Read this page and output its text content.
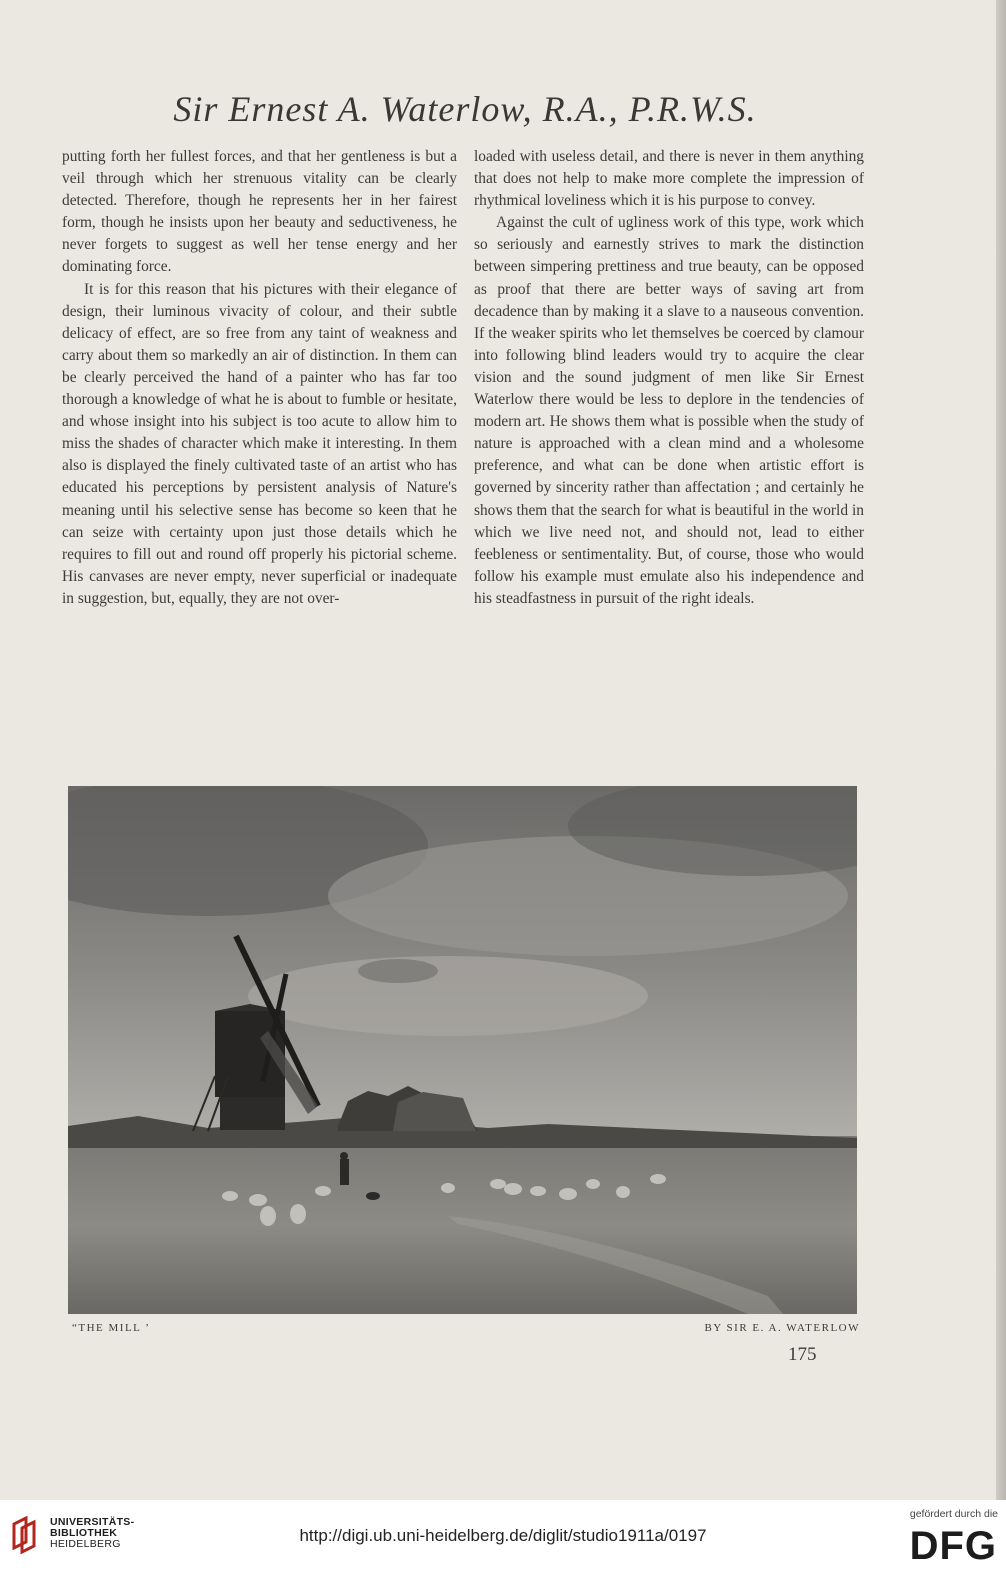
Sir Ernest A. Waterlow, R.A., P.R.W.S.

putting forth her fullest forces, and that her gentleness is but a veil through which her strenuous vitality can be clearly detected. Therefore, though he represents her in her fairest form, though he insists upon her beauty and seductiveness, he never forgets to suggest as well her tense energy and her dominating force.

It is for this reason that his pictures with their elegance of design, their luminous vivacity of colour, and their subtle delicacy of effect, are so free from any taint of weakness and carry about them so markedly an air of distinction. In them can be clearly perceived the hand of a painter who has far too thorough a knowledge of what he is about to fumble or hesitate, and whose insight into his subject is too acute to allow him to miss the shades of character which make it interesting. In them also is displayed the finely cultivated taste of an artist who has educated his perceptions by persistent analysis of Nature's meaning until his selective sense has become so keen that he can seize with certainty upon just those details which he requires to fill out and round off properly his pictorial scheme. His canvases are never empty, never superficial or inadequate in suggestion, but, equally, they are not over-

loaded with useless detail, and there is never in them anything that does not help to make more complete the impression of rhythmical loveliness which it is his purpose to convey.

Against the cult of ugliness work of this type, work which so seriously and earnestly strives to mark the distinction between simpering prettiness and true beauty, can be opposed as proof that there are better ways of saving art from decadence than by making it a slave to a nauseous convention. If the weaker spirits who let themselves be coerced by clamour into following blind leaders would try to acquire the clear vision and the sound judgment of men like Sir Ernest Waterlow there would be less to deplore in the tendencies of modern art. He shows them what is possible when the study of nature is approached with a clean mind and a wholesome preference, and what can be done when artistic effort is governed by sincerity rather than affectation ; and certainly he shows them that the search for what is beautiful in the world in which we live need not, and should not, lead to either feebleness or sentimentality. But, of course, those who would follow his example must emulate also his independence and his steadfastness in pursuit of the right ideals.

“THE MILL ’	BY SIR E. A. WATERLOW
175
UNIVERSITÄTS-
BIBLIOTHEK
HEIDELBERG	http://digi.ub.uni-heidelberg.de/diglit/studio1911a/0197
gefördert durch die
DFG
